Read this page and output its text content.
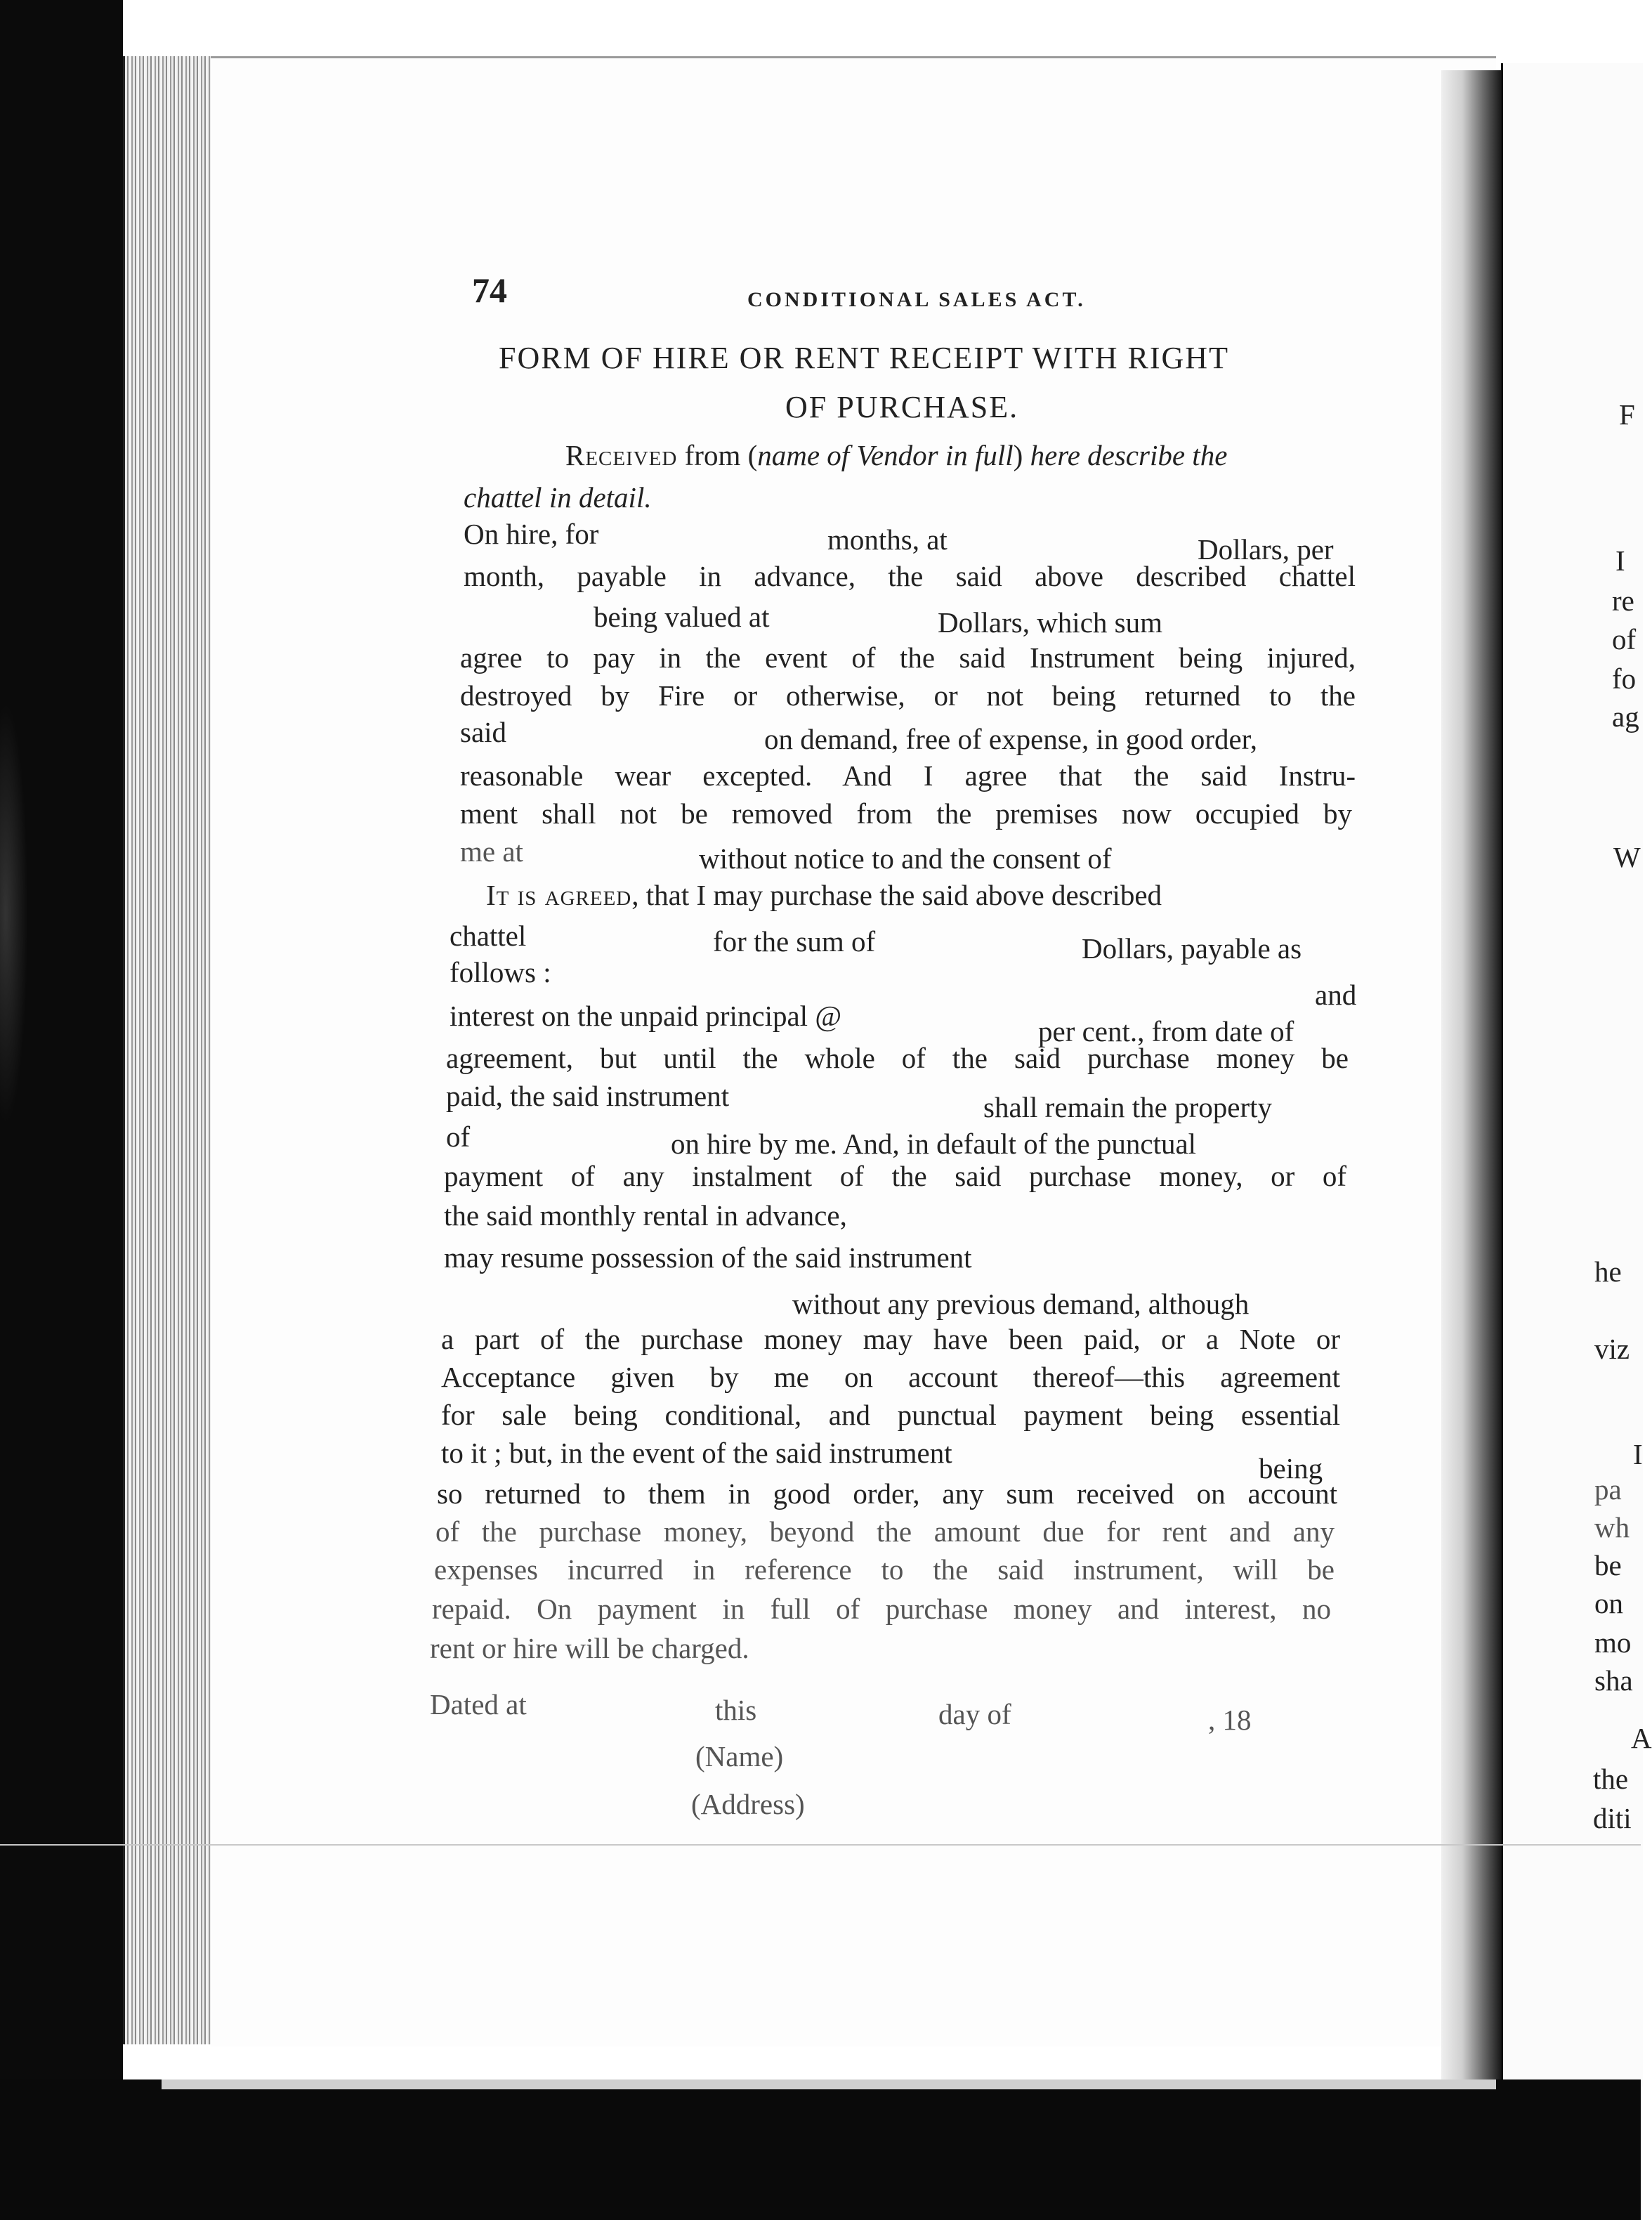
74	CONDITIONAL SALES ACT.
FORM OF HIRE OR RENT RECEIPT WITH RIGHT
OF PURCHASE.
Received from (name of Vendor in full) here describe the
chattel in detail.
On hire, for	months, at	Dollars, per
month, payable in advance, the said above described chattel
being valued at	Dollars, which sum
agree to pay in the event of the said Instrument being injured,
destroyed by Fire or otherwise, or not being returned to the
said	on demand, free of expense, in good order,
reasonable wear excepted. And I agree that the said Instru-
ment shall not be removed from the premises now occupied by
me at	without notice to and the consent of
It is agreed, that I may purchase the said above described
chattel	for the sum of	Dollars, payable as
follows :
and
interest on the unpaid principal @	per cent., from date of
agreement, but until the whole of the said purchase money be
paid, the said instrument	shall remain the property
of	on hire by me. And, in default of the punctual
payment of any instalment of the said purchase money, or of
the said monthly rental in advance,
may resume possession of the said instrument
without any previous demand, although
a part of the purchase money may have been paid, or a Note or
Acceptance given by me on account thereof—this agreement
for sale being conditional, and punctual payment being essential
to it ; but, in the event of the said instrument	being
so returned to them in good order, any sum received on account
of the purchase money, beyond the amount due for rent and any
expenses incurred in reference to the said instrument, will be
repaid. On payment in full of purchase money and interest, no
rent or hire will be charged.
Dated at	this	day of	, 18
(Name)
(Address)
F
I
re
of
fo
ag
W
he
viz
I
pa
wh
be
on
mo
sha
A
the
diti
